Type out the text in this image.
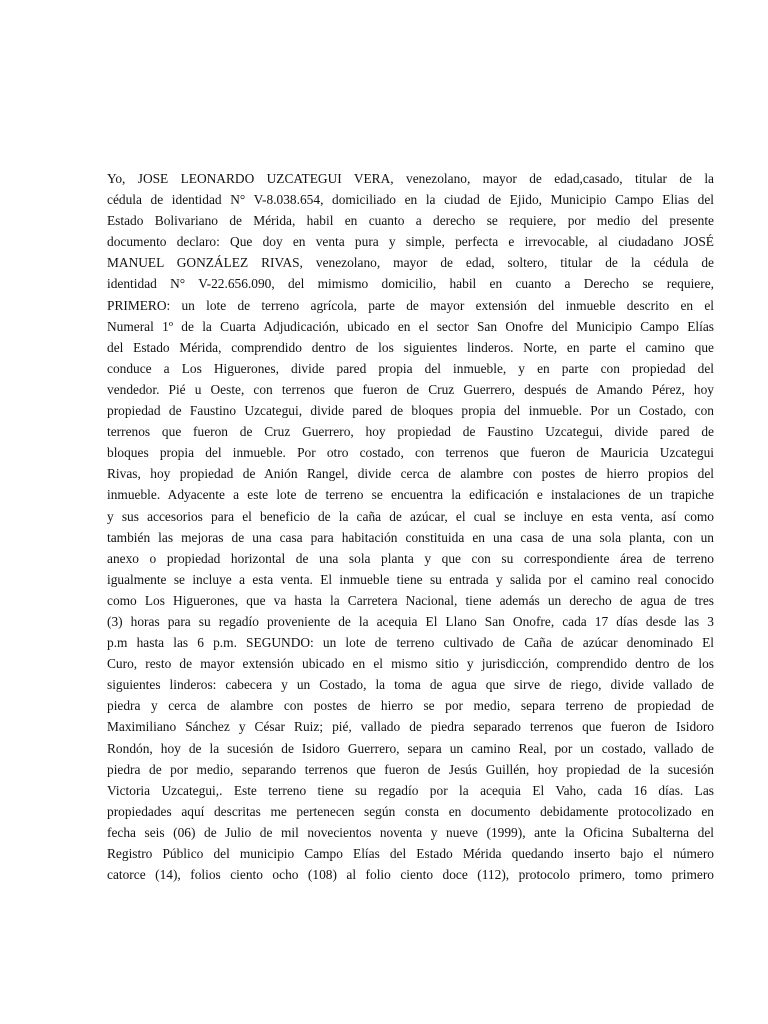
Yo, JOSE LEONARDO UZCATEGUI VERA, venezolano, mayor de edad,casado, titular de la
cédula de identidad N° V-8.038.654, domiciliado en la ciudad de Ejido, Municipio Campo Elias del
Estado Bolivariano de Mérida, habil en cuanto a derecho se requiere, por medio del presente
documento declaro: Que doy en venta pura y simple, perfecta e irrevocable, al ciudadano JOSÉ
MANUEL GONZÁLEZ RIVAS, venezolano, mayor de edad, soltero, titular de la cédula de
identidad N° V-22.656.090, del mimismo domicilio, habil en cuanto a Derecho se requiere,
PRIMERO: un lote de terreno agrícola, parte de mayor extensión del inmueble descrito en el
Numeral 1º de la Cuarta Adjudicación, ubicado en el sector San Onofre del Municipio Campo Elías
del Estado Mérida, comprendido dentro de los siguientes linderos. Norte, en parte el camino que
conduce a Los Higuerones, divide pared propia del inmueble, y en parte con propiedad del
vendedor. Pié u Oeste, con terrenos que fueron de Cruz Guerrero, después de Amando Pérez, hoy
propiedad de Faustino Uzcategui, divide pared de bloques propia del inmueble. Por un Costado, con
terrenos que fueron de Cruz Guerrero, hoy propiedad de Faustino Uzcategui, divide pared de
bloques propia del inmueble. Por otro costado, con terrenos que fueron de Mauricia Uzcategui
Rivas, hoy propiedad de Anión Rangel, divide cerca de alambre con postes de hierro propios del
inmueble. Adyacente a este lote de terreno se encuentra la edificación e instalaciones de un trapiche
y sus accesorios para el beneficio de la caña de azúcar, el cual se incluye en esta venta, así como
también las mejoras de una casa para habitación constituida en una casa de una sola planta, con un
anexo o propiedad horizontal de una sola planta y que con su correspondiente área de terreno
igualmente se incluye a esta venta. El inmueble tiene su entrada y salida por el camino real conocido
como Los Higuerones, que va hasta la Carretera Nacional, tiene además un derecho de agua de tres
(3) horas para su regadío proveniente de la acequia El Llano San Onofre, cada 17 días desde las 3
p.m hasta las 6 p.m. SEGUNDO: un lote de terreno cultivado de Caña de azúcar denominado El
Curo, resto de mayor extensión ubicado en el mismo sitio y jurisdicción, comprendido dentro de los
siguientes linderos: cabecera y un Costado, la toma de agua que sirve de riego, divide vallado de
piedra y cerca de alambre con postes de hierro se por medio, separa terreno de propiedad de
Maximiliano Sánchez y César Ruiz; pié, vallado de piedra separado terrenos que fueron de Isidoro
Rondón, hoy de la sucesión de Isidoro Guerrero, separa un camino Real, por un costado, vallado de
piedra de por medio, separando terrenos que fueron de Jesús Guillén, hoy propiedad de la sucesión
Victoria Uzcategui,. Este terreno tiene su regadío por la acequia El Vaho, cada 16 días. Las
propiedades aquí descritas me pertenecen según consta en documento debidamente protocolizado en
fecha seis (06) de Julio de mil novecientos noventa y nueve (1999), ante la Oficina Subalterna del
Registro Público del municipio Campo Elías del Estado Mérida quedando inserto bajo el número
catorce (14), folios ciento ocho (108) al folio ciento doce (112), protocolo primero, tomo primero
